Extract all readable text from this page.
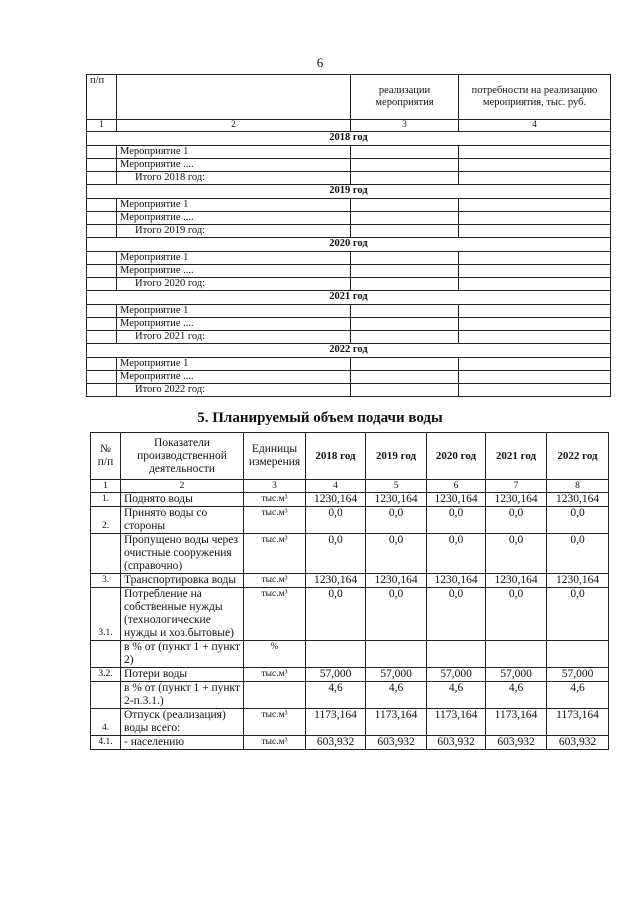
6
п/п		реализации мероприятия	потребности на реализацию мероприятия, тыс. руб.
1	2	3	4
2018 год			
	Мероприятие 1		
	Мероприятие ....		
	Итого 2018 год:		
2019 год			
	Мероприятие 1		
	Мероприятие ....		
	Итого 2019 год:		
2020 год			
	Мероприятие 1		
	Мероприятие ....		
	Итого 2020 год:		
2021 год			
	Мероприятие 1		
	Мероприятие ....		
	Итого 2021 год:		
2022 год			
	Мероприятие 1		
	Мероприятие ....		
	Итого 2022 год:		
5. Планируемый объем подачи воды
№ п/п	Показатели производственной деятельности	Единицы измерения	2018 год	2019 год	2020 год	2021 год	2022 год
1	2	3	4	5	6	7	8
1.	Поднято воды	тыс.м³	1230,164	1230,164	1230,164	1230,164	1230,164
2.	Принято воды со стороны	тыс.м³	0,0	0,0	0,0	0,0	0,0
	Пропущено воды через очистные сооружения (справочно)	тыс.м³	0,0	0,0	0,0	0,0	0,0
3.	Транспортировка воды	тыс.м³	1230,164	1230,164	1230,164	1230,164	1230,164
3.1.	Потребление на собственные нужды (технологические нужды и хоз.бытовые)	тыс.м³	0,0	0,0	0,0	0,0	0,0
	в % от (пункт 1 + пункт 2)	%					
3.2.	Потери воды	тыс.м³	57,000	57,000	57,000	57,000	57,000
	в % от (пункт 1 + пункт 2-п.3.1.)		4,6	4,6	4,6	4,6	4,6
4.	Отпуск (реализация) воды всего:	тыс.м³	1173,164	1173,164	1173,164	1173,164	1173,164
4.1.	- населению	тыс.м³	603,932	603,932	603,932	603,932	603,932
